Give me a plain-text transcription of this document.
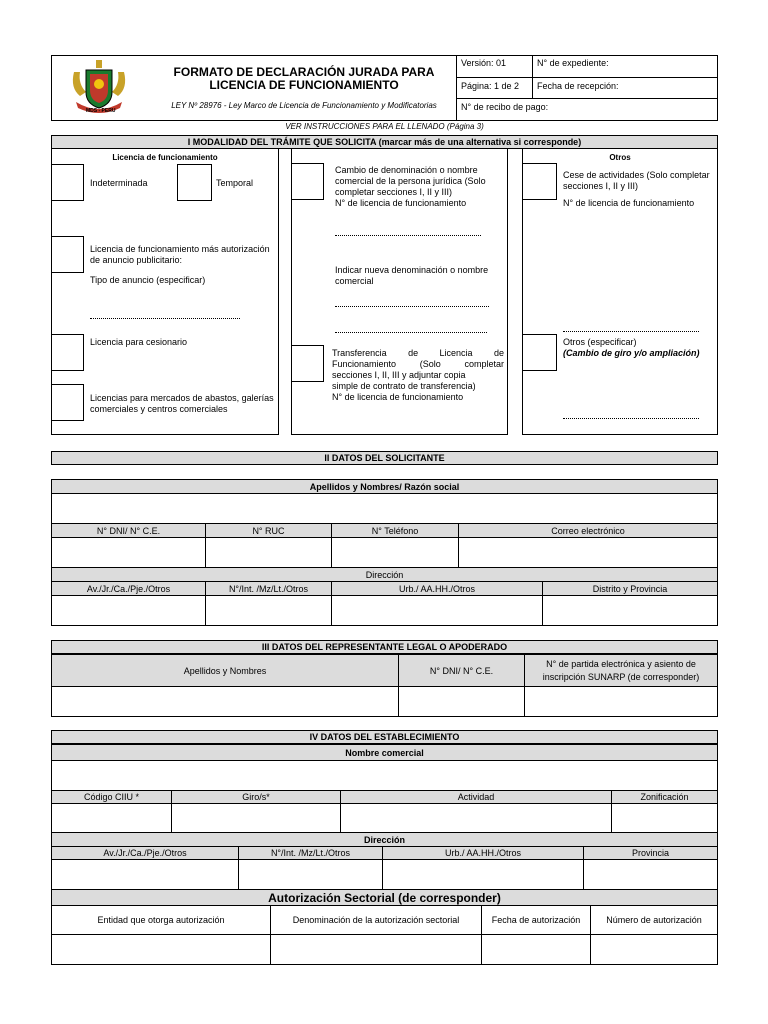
MDS - PERU
FORMATO DE DECLARACIÓN JURADA PARA
LICENCIA DE FUNCIONAMIENTO
LEY Nº 28976 - Ley Marco de Licencia de Funcionamiento y Modificatorias
Versión: 01
Página: 1 de 2
N° de expediente:
Fecha de recepción:
N° de recibo de pago:
VER INSTRUCCIONES PARA EL LLENADO (Página 3)
I MODALIDAD DEL TRÁMITE QUE SOLICITA (marcar más de una alternativa si corresponde)
Licencia de funcionamiento
Indeterminada	Temporal
Licencia de funcionamiento más autorización
de anuncio publicitario:
Tipo de anuncio (especificar)
Licencia para cesionario
Licencias para mercados de abastos, galerías
comerciales y centros comerciales
Cambio de denominación o nombre
comercial de la persona jurídica (Solo
completar secciones I, II y III)
N° de licencia de funcionamiento
Indicar nueva denominación o nombre
comercial
Transferencia de Licencia de
Funcionamiento (Solo completar
secciones I, II, III y adjuntar copia
simple de contrato de transferencia)
N° de licencia de funcionamiento
Otros
Cese de actividades (Solo completar
secciones I, II y III)
N° de licencia de funcionamiento
Otros (especificar)
(Cambio de giro y/o ampliación)
II DATOS DEL SOLICITANTE
Apellidos y Nombres/ Razón social			

N° DNI/ N° C.E.	N° RUC	N° Teléfono	Correo electrónico

Dirección			
Av./Jr./Ca./Pje./Otros	N°/Int. /Mz/Lt./Otros	Urb./ AA.HH./Otros	Distrito y Provincia

III DATOS DEL REPRESENTANTE LEGAL O APODERADO
Apellidos y Nombres	N° DNI/ N° C.E.	N° de partida electrónica y asiento de
inscripción SUNARP (de corresponder)

IV DATOS DEL ESTABLECIMIENTO
Nombre comercial			

Código CIIU *	Giro/s*	Actividad	Zonificación

Dirección			
Av./Jr./Ca./Pje./Otros	N°/Int. /Mz/Lt./Otros	Urb./ AA.HH./Otros	Provincia

Autorización Sectorial (de corresponder)			
Entidad que otorga autorización	Denominación de la autorización sectorial	Fecha de autorización	Número de autorización
